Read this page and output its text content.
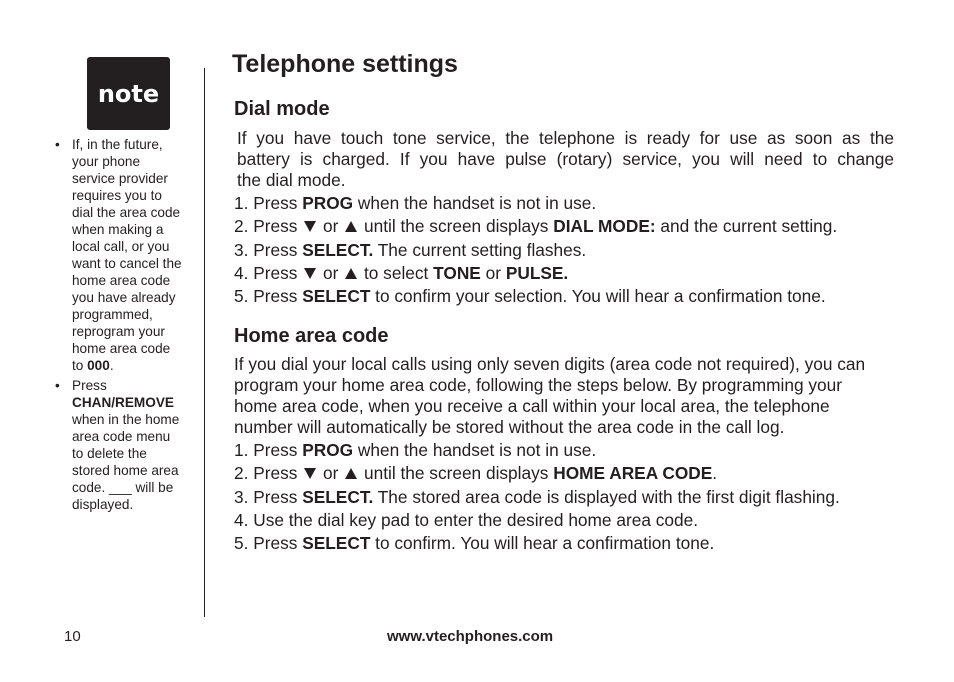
note
• If, in the future,
your phone
service provider
requires you to
dial the area code
when making a
local call, or you
want to cancel the
home area code
you have already
programmed,
reprogram your
home area code
to 000.
• Press
CHAN/REMOVE
when in the home
area code menu
to delete the
stored home area
code. ___ will be
displayed.
Telephone settings
Dial mode
If you have touch tone service, the telephone is ready for use as soon as the
battery is charged. If you have pulse (rotary) service, you will need to change
the dial mode.
1. Press PROG when the handset is not in use.
2. Press  or  until the screen displays DIAL MODE: and the current setting.
3. Press SELECT. The current setting flashes.
4. Press  or  to select TONE or PULSE.
5. Press SELECT to confirm your selection. You will hear a confirmation tone.
Home area code
If you dial your local calls using only seven digits (area code not required), you can
program your home area code, following the steps below. By programming your
home area code, when you receive a call within your local area, the telephone
number will automatically be stored without the area code in the call log.
1. Press PROG when the handset is not in use.
2. Press  or  until the screen displays HOME AREA CODE.
3. Press SELECT. The stored area code is displayed with the first digit flashing.
4. Use the dial key pad to enter the desired home area code.
5. Press SELECT to confirm. You will hear a confirmation tone.
10	www.vtechphones.com
